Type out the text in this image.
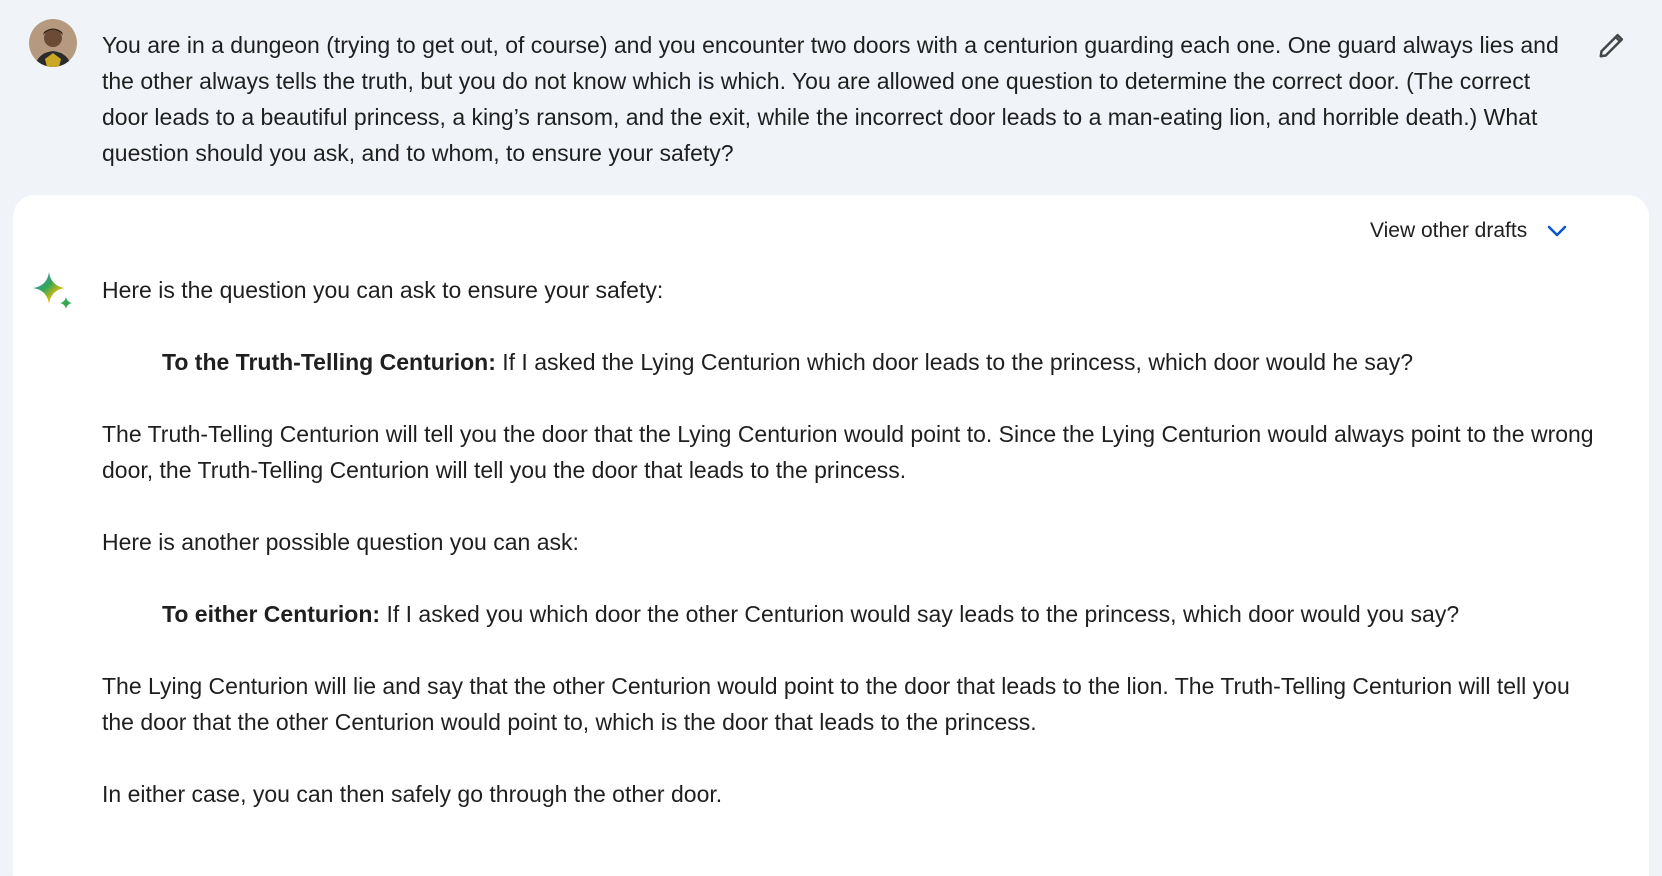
You are in a dungeon (trying to get out, of course) and you encounter two doors with a centurion guarding each one. One guard always lies and the other always tells the truth, but you do not know which is which. You are allowed one question to determine the correct door. (The correct door leads to a beautiful princess, a king’s ransom, and the exit, while the incorrect door leads to a man-eating lion, and horrible death.) What question should you ask, and to whom, to ensure your safety?
View other drafts

Here is the question you can ask to ensure your safety:

To the Truth-Telling Centurion: If I asked the Lying Centurion which door leads to the princess, which door would he say?

The Truth-Telling Centurion will tell you the door that the Lying Centurion would point to. Since the Lying Centurion would always point to the wrong door, the Truth-Telling Centurion will tell you the door that leads to the princess.

Here is another possible question you can ask:

To either Centurion: If I asked you which door the other Centurion would say leads to the princess, which door would you say?

The Lying Centurion will lie and say that the other Centurion would point to the door that leads to the lion. The Truth-Telling Centurion will tell you the door that the other Centurion would point to, which is the door that leads to the princess.

In either case, you can then safely go through the other door.
